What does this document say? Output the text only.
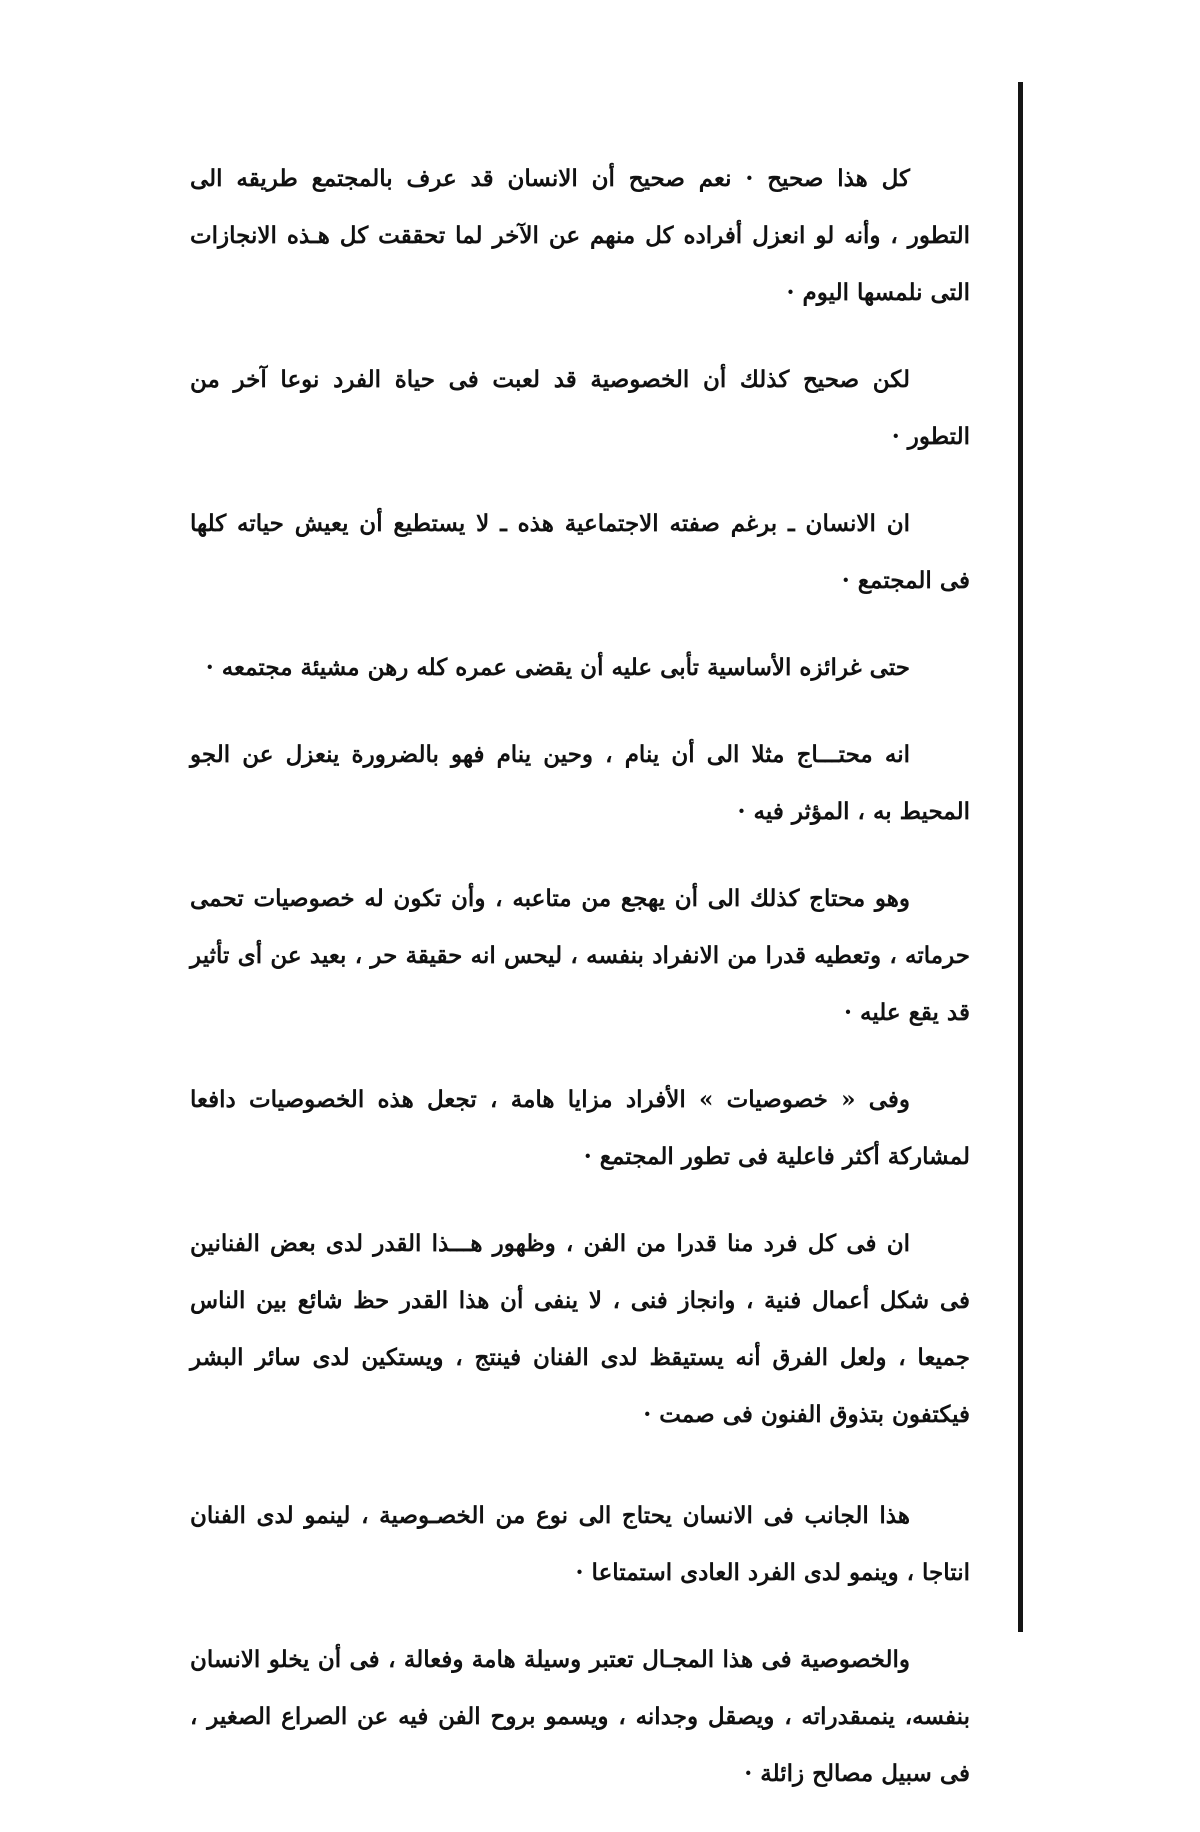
كل هذا صحيح · نعم صحيح أن الانسان قد عرف بالمجتمع طريقه الى التطور ، وأنه لو انعزل أفراده كل منهم عن الآخر لما تحققت كل هـذه الانجازات التى نلمسها اليوم ·

لكن صحيح كذلك أن الخصوصية قد لعبت فى حياة الفرد نوعا آخر من التطور ·

ان الانسان ـ برغم صفته الاجتماعية هذه ـ لا يستطيع أن يعيش حياته كلها فى المجتمع ·

حتى غرائزه الأساسية تأبى عليه أن يقضى عمره كله رهن مشيئة مجتمعه ·

انه محتـــاج مثلا الى أن ينام ، وحين ينام فهو بالضرورة ينعزل عن الجو المحيط به ، المؤثر فيه ·

وهو محتاج كذلك الى أن يهجع من متاعبه ، وأن تكون له خصوصيات تحمى حرماته ، وتعطيه قدرا من الانفراد بنفسه ، ليحس انه حقيقة حر ، بعيد عن أى تأثير قد يقع عليه ·

وفى « خصوصيات » الأفراد مزايا هامة ، تجعل هذه الخصوصيات دافعا لمشاركة أكثر فاعلية فى تطور المجتمع ·

ان فى كل فرد منا قدرا من الفن ، وظهور هـــذا القدر لدى بعض الفنانين فى شكل أعمال فنية ، وانجاز فنى ، لا ينفى أن هذا القدر حظ شائع بين الناس جميعا ، ولعل الفرق أنه يستيقظ لدى الفنان فينتج ، ويستكين لدى سائر البشر فيكتفون بتذوق الفنون فى صمت ·

هذا الجانب فى الانسان يحتاج الى نوع من الخصـوصية ، لينمو لدى الفنان انتاجا ، وينمو لدى الفرد العادى استمتاعا ·

والخصوصية فى هذا المجـال تعتبر وسيلة هامة وفعالة ، فى أن يخلو الانسان بنفسه، ينمىقدراته ، ويصقل وجدانه ، ويسمو بروح الفن فيه عن الصراع الصغير ، فى سبيل مصالح زائلة ·
